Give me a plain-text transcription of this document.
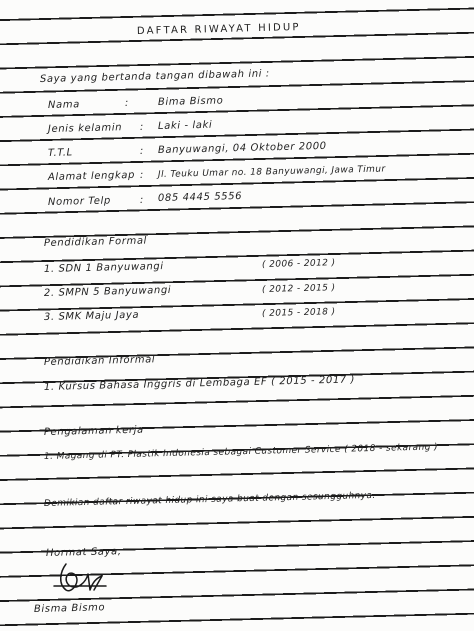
DAFTAR RIWAYAT HIDUP
Saya yang bertanda tangan dibawah ini :
Nama	:	Bima Bismo
Jenis kelamin : Laki - laki
T.T.L	: Banyuwangi, 04 Oktober 2000
Alamat lengkap : Jl. Teuku Umar no. 18 Banyuwangi, Jawa Timur
Nomor Telp	: 085 4445 5556
Pendidikan Formal
1. SDN 1 Banyuwangi	( 2006 - 2012 )
2. SMPN 5 Banyuwangi	( 2012 - 2015 )
3. SMK Maju Jaya	( 2015 - 2018 )
Pendidikan Informal
1. Kursus Bahasa Inggris di Lembaga EF ( 2015 - 2017 )
Pengalaman kerja
1. Magang di PT. Plastik Indonesia sebagai Customer Service ( 2018 - sekarang )
Demikian daftar riwayat hidup ini saya buat dengan sesungguhnya.
Hormat Saya,
Bisma Bismo
